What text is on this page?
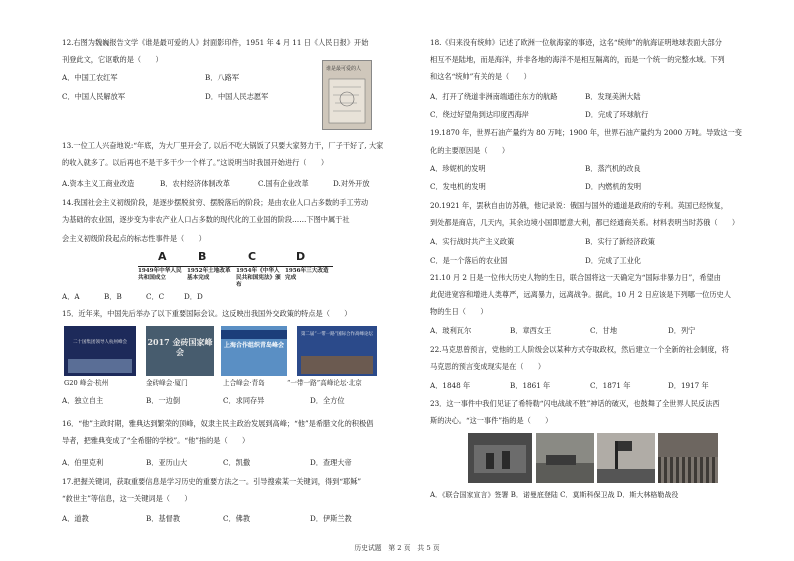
12.右图为魏巍报告文学《谁是最可爱的人》封面影印件，1951 年 4 月 11 日《人民日报》开始
刊登此文，它讴歌的是（　　）
A．中国工农红军	B．八路军
C．中国人民解放军	D．中国人民志愿军
谁是最可爱的人
13.一位工人兴奋地说:“年底，为大厂里开会了, 以后不吃大锅饭了只要大家努力干，厂子干好了, 大家
的收入就多了。以后再也不是干多干少一个样了。”这说明当时我国开始进行（　　）
A.资本主义工商业改造	B．农村经济体制改革	C.国有企业改革	D.对外开放
14.我国社会主义初级阶段，是逐步摆脱贫穷、摆脱落后的阶段；是由农业人口占多数的手工劳动
为基础的农业国，逐步变为非农产业人口占多数的现代化的工业国的阶段……下图中属于社
会主义初级阶段起点的标志性事件是（　　）
A	B	C	D
1949年中华人民共和国成立
1952年土地改革基本完成
1954年《中华人民共和国宪法》颁布
1956年三大改造完成
A．A	B．B	C．C	D．D
15．近年来，中国先后举办了以下重要国际会议。这反映出我国外交政策的特点是（　　）
二十国集团领导人杭州峰会	2017 金砖国家峰会
上海合作组织青岛峰会
第二届“一带一路”国际合作高峰论坛
G20 峰会·杭州	金砖峰会·厦门	上合峰会·青岛	“一带一路”高峰论坛·北京
A．独立自主	B．一边倒	C．求同存异	D．全方位
16．“他”主政时期，雅典达到繁荣的顶峰，奴隶主民主政治发展到高峰；“他”是希腊文化的积极倡
导者，把雅典变成了“全希腊的学校”。“他”指的是（　　）
A．伯里克利	B．亚历山大	C．凯撒	D．查理大帝
17.把握关键词，获取重要信息是学习历史的重要方法之一。引导搜索某一关键词，得到“耶稣”
“救世主”等信息，这一关键词是（　　）
A．道教	B．基督教	C．佛教	D．伊斯兰教
18.《归来没有统帅》记述了欧洲一位航海家的事迹，这名“统帅”的航海证明地球表面大部分
相互不是陆地，而是海洋，并非各地的海洋不是相互隔离的，而是一个统一的完整水域。下列
和这名“统帅”有关的是（　　）
A．打开了绕道非洲南端通往东方的航路	B．发现美洲大陆
C．绕过好望角到达印度西海岸	D．完成了环球航行
19.1870 年，世界石油产量约为 80 万吨；1900 年，世界石油产量约为 2000 万吨。导致这一变
化的主要原因是（　　）
A．珍妮机的发明	B．蒸汽机的改良
C．发电机的发明	D．内燃机的发明
20.1921 年，罢秋自由访苏俄，他记录说：俄国与国外的通道是政府的专利。英国已经恢复，
到处都是商店，几天内，其余边境小国即愿意大利，都已经通商关系。材料表明当时苏俄（　　）
A．实行战时共产主义政策	B．实行了新经济政策
C．是一个落后的农业国	D．完成了工业化
21.10 月 2 日是一位伟大历史人物的生日，联合国将这一天确定为“国际非暴力日”，希望由
此促进宽容和增进人类尊严，远离暴力，远离战争。据此，10 月 2 日应该是下列哪一位历史人
物的生日（　　）
A．玻利瓦尔	B．章西女王	C．甘地	D．列宁
22.马克思曾预言，党他的工人阶级会以某种方式夺取政权，然后建立一个全新的社会制度，将
马克思的预言变成现实是在（　　）
A．1848 年	B．1861 年	C．1871 年	D．1917 年
23．这一事件中我们见证了希特勒“闪电战战不胜”神话的破灭，也鼓舞了全世界人民反法西
斯的决心。“这一事件”指的是（　　）
A．《联合国家宣言》签署 B．诺曼底登陆 C．莫斯科保卫战 D．斯大林格勒战役
历史试题　第 2 页　共 5 页
